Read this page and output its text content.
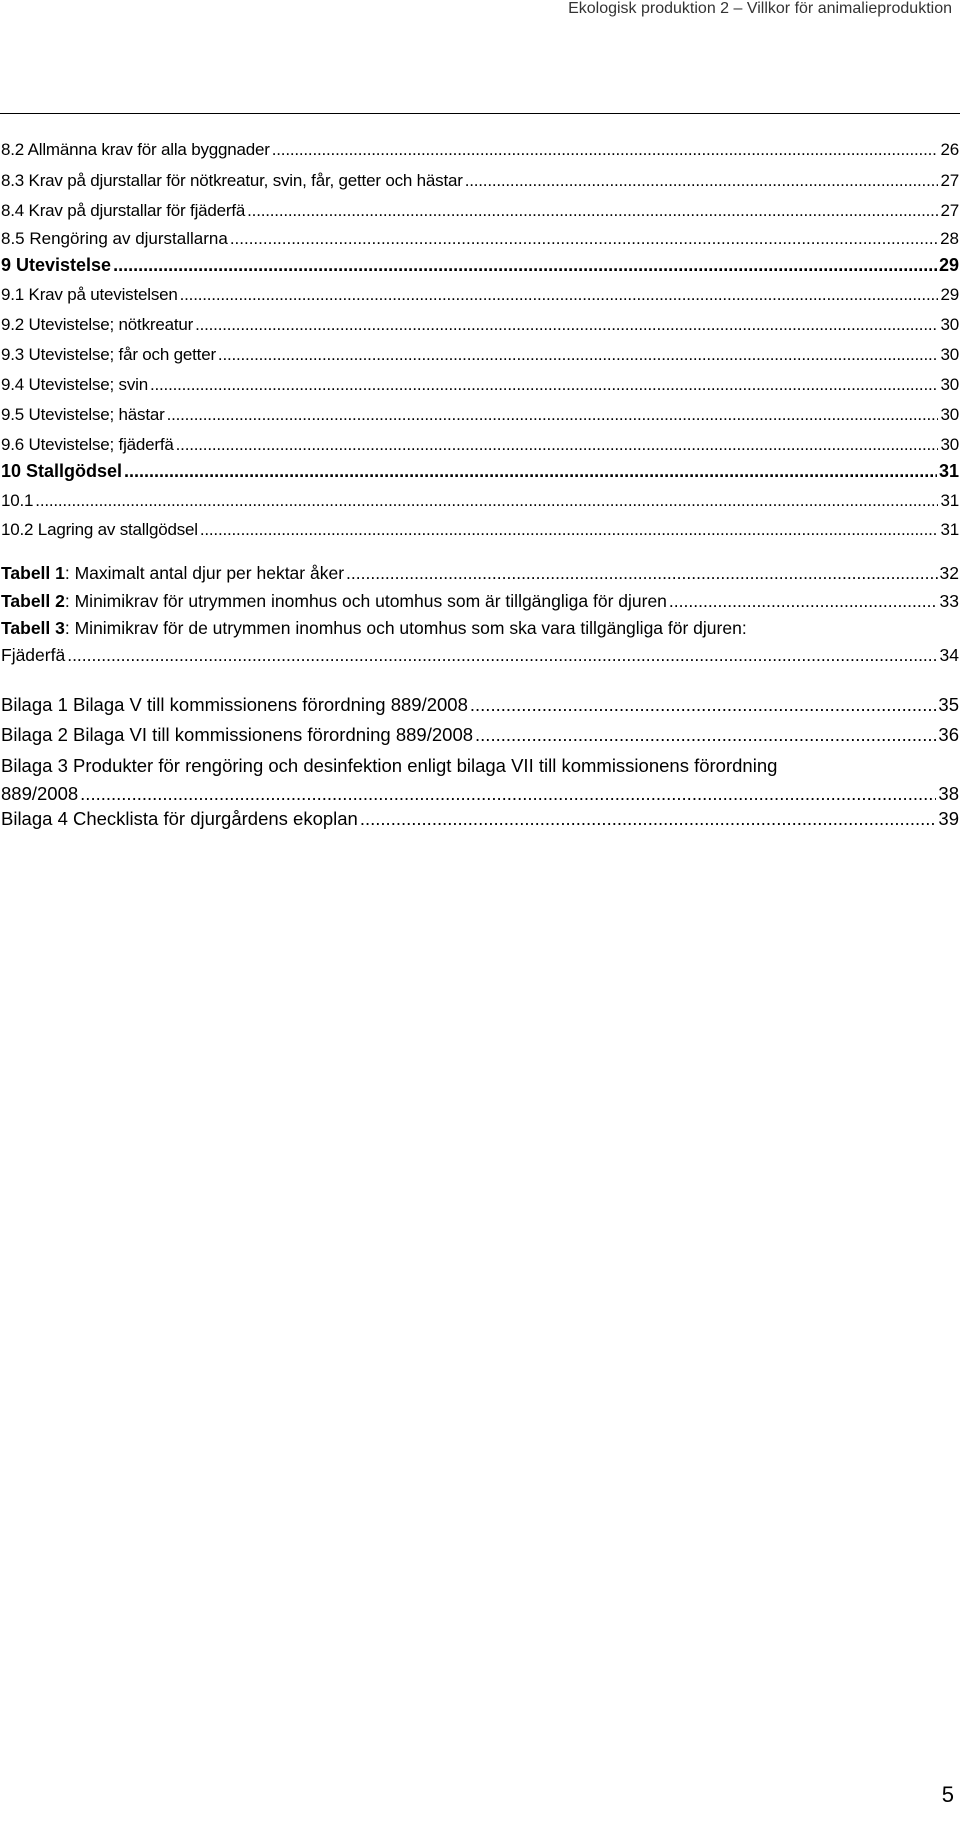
Ekologisk produktion 2 – Villkor för animalieproduktion
8.2 Allmänna krav för alla byggnader .....	26
8.3 Krav på djurstallar för nötkreatur, svin, får, getter och hästar .....	27
8.4 Krav på djurstallar för fjäderfä .....	27
8.5 Rengöring av djurstallarna .....	28
9 Utevistelse .....	29
9.1 Krav på utevistelsen .....	29
9.2 Utevistelse; nötkreatur .....	30
9.3 Utevistelse; får och getter .....	30
9.4 Utevistelse; svin .....	30
9.5 Utevistelse; hästar .....	30
9.6 Utevistelse; fjäderfä .....	30
10 Stallgödsel .....	31
10.1 .....	31
10.2 Lagring av stallgödsel .....	31
Tabell 1: Maximalt antal djur per hektar åker .....	32
Tabell 2: Minimikrav för utrymmen inomhus och utomhus som är tillgängliga för djuren .....	33
Tabell 3: Minimikrav för de utrymmen inomhus och utomhus som ska vara tillgängliga för djuren:
Fjäderfä .....	34
Bilaga 1 Bilaga V till kommissionens förordning 889/2008 .....	35
Bilaga 2 Bilaga VI till kommissionens förordning 889/2008 .....	36
Bilaga 3 Produkter för rengöring och desinfektion enligt bilaga VII till kommissionens förordning
889/2008 .....	38
Bilaga 4 Checklista för djurgårdens ekoplan .....	39
5
